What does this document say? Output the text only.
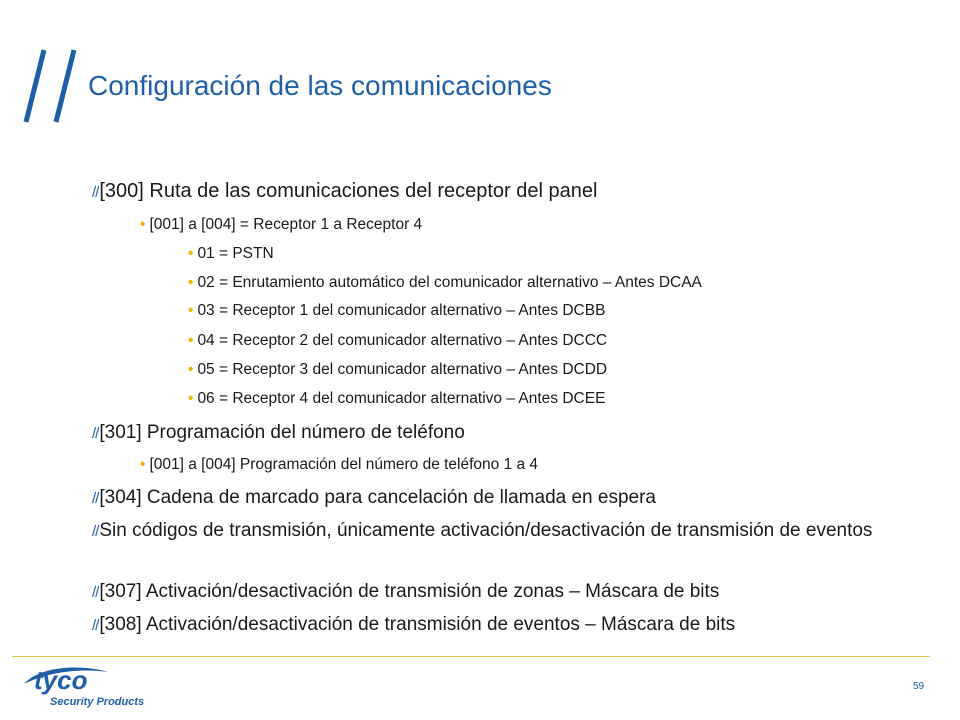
Configuración de las comunicaciones
//[300] Ruta de las comunicaciones del receptor del panel
• [001] a [004] = Receptor 1 a Receptor 4
• 01 = PSTN
• 02 = Enrutamiento automático del comunicador alternativo – Antes DCAA
• 03 = Receptor 1 del comunicador alternativo – Antes DCBB
• 04 = Receptor 2 del comunicador alternativo – Antes DCCC
• 05 = Receptor 3 del comunicador alternativo – Antes DCDD
• 06 = Receptor 4 del comunicador alternativo – Antes DCEE
//[301] Programación del número de teléfono
• [001] a [004] Programación del número de teléfono 1 a 4
//[304] Cadena de marcado para cancelación de llamada en espera
//Sin códigos de transmisión, únicamente activación/desactivación de transmisión de eventos
//[307] Activación/desactivación de transmisión de zonas – Máscara de bits
//[308] Activación/desactivación de transmisión de eventos – Máscara de bits
tyco
Security Products
59
